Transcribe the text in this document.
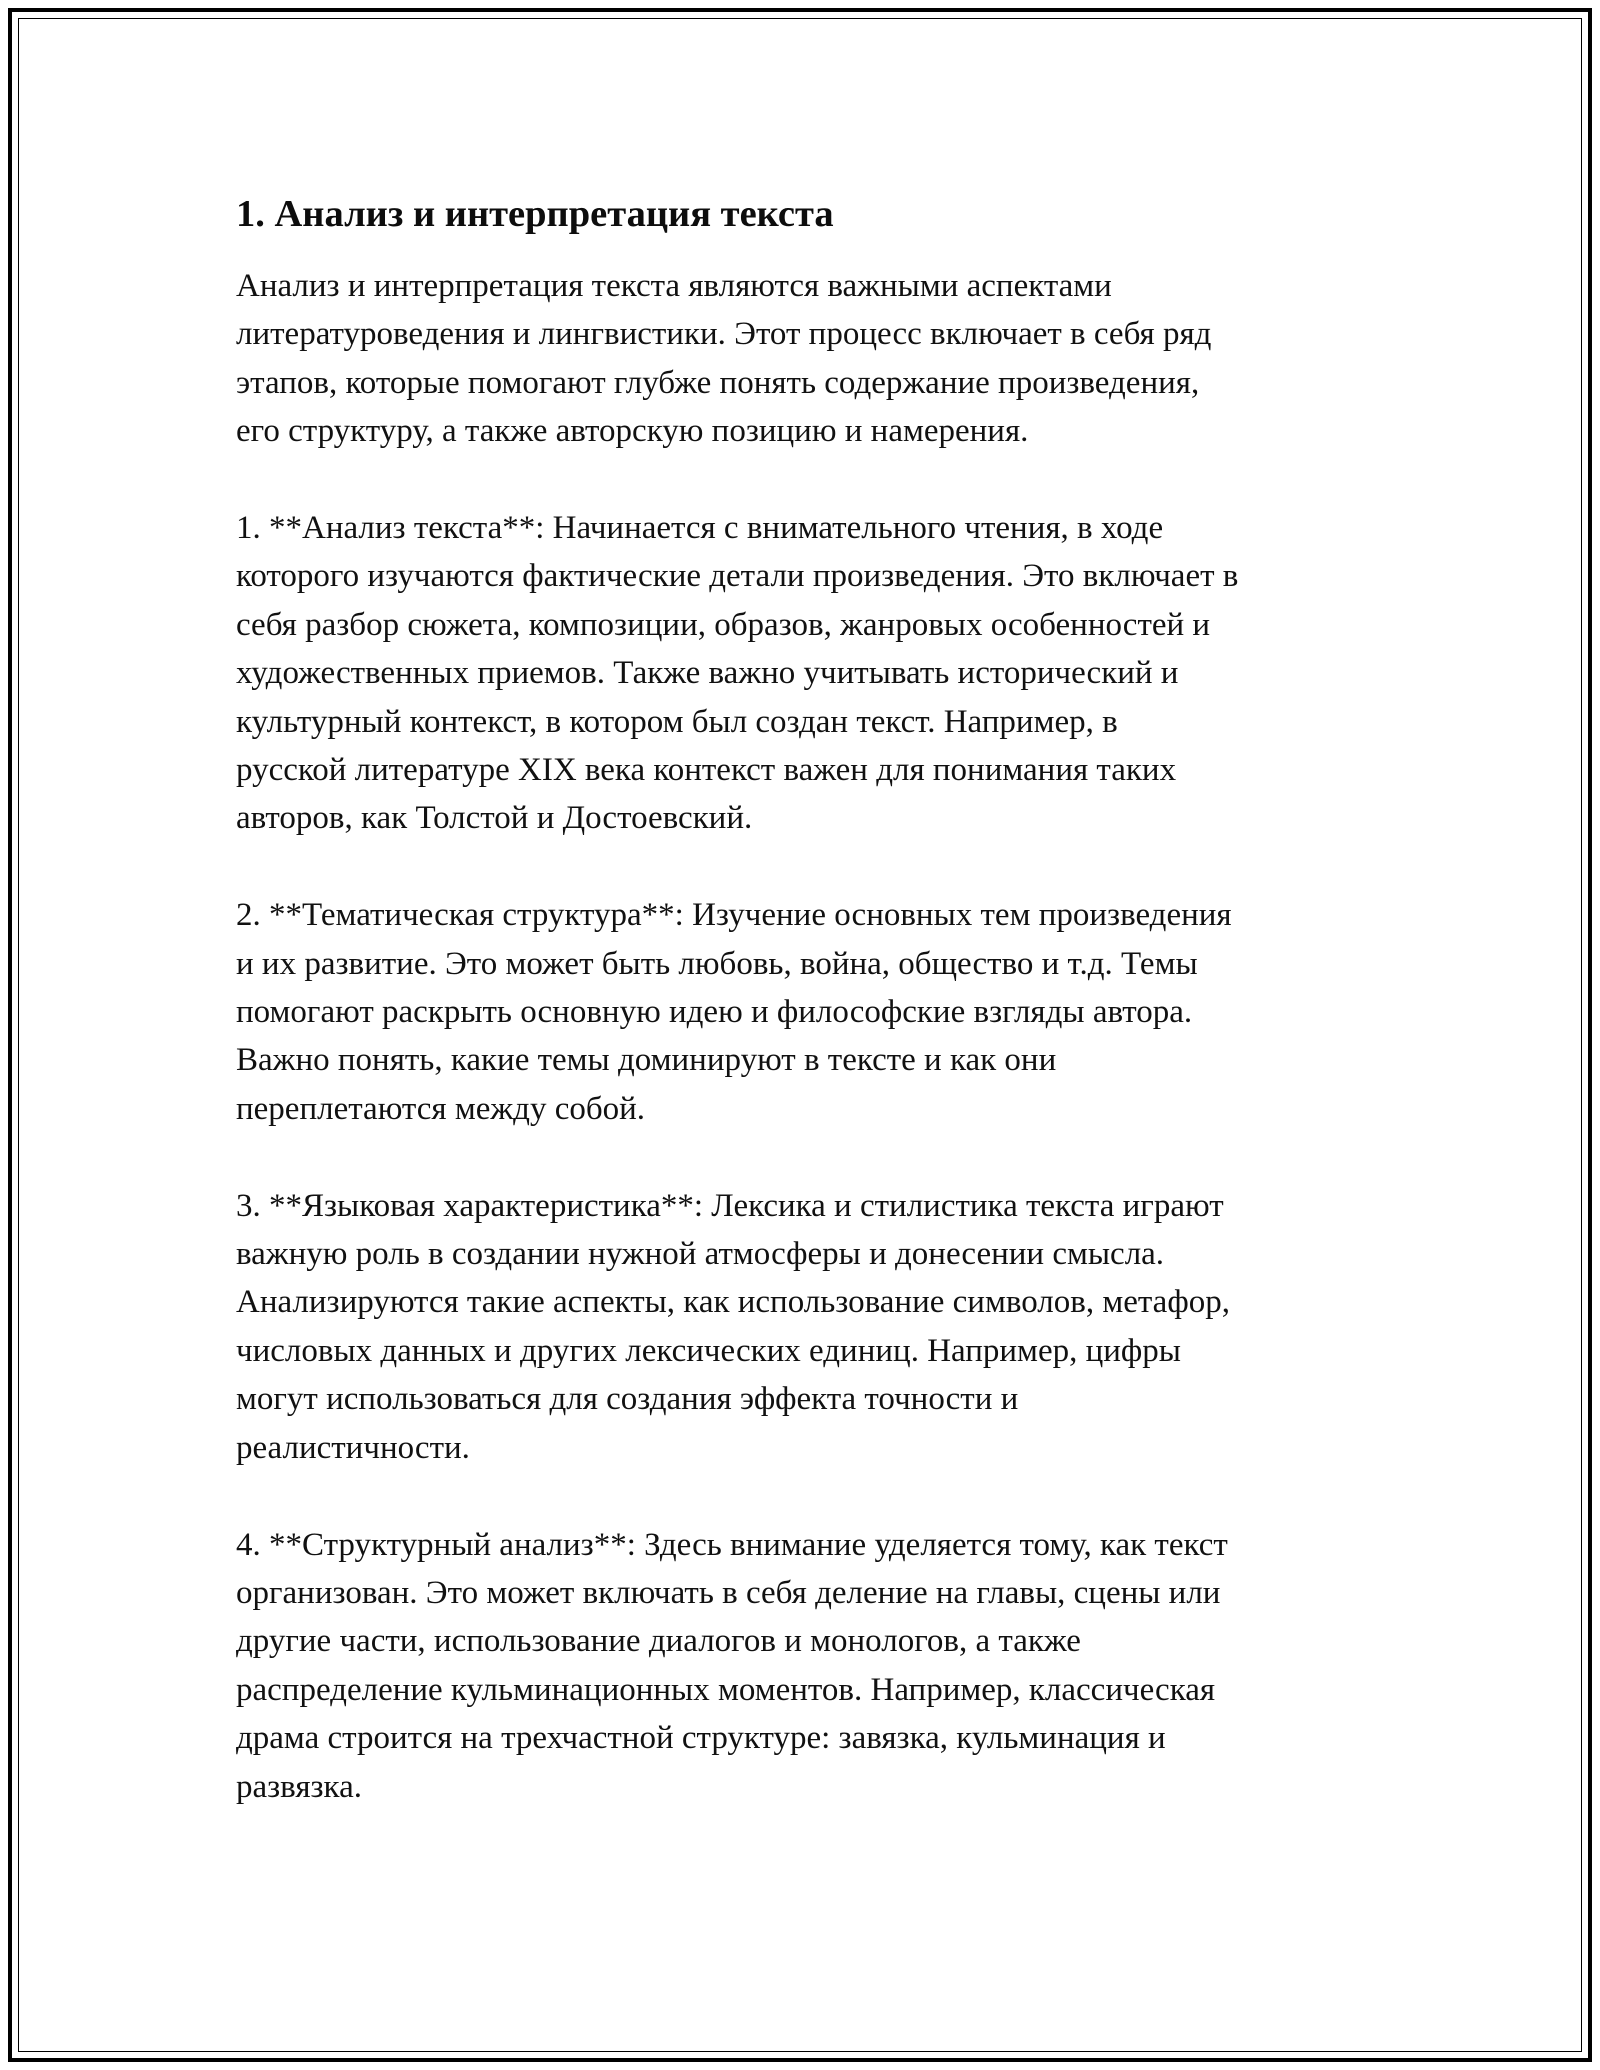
1. Анализ и интерпретация текста

Анализ и интерпретация текста являются важными аспектами
литературоведения и лингвистики. Этот процесс включает в себя ряд
этапов, которые помогают глубже понять содержание произведения,
его структуру, а также авторскую позицию и намерения.

1. **Анализ текста**: Начинается с внимательного чтения, в ходе
которого изучаются фактические детали произведения. Это включает в
себя разбор сюжета, композиции, образов, жанровых особенностей и
художественных приемов. Также важно учитывать исторический и
культурный контекст, в котором был создан текст. Например, в
русской литературе XIX века контекст важен для понимания таких
авторов, как Толстой и Достоевский.

2. **Тематическая структура**: Изучение основных тем произведения
и их развитие. Это может быть любовь, война, общество и т.д. Темы
помогают раскрыть основную идею и философские взгляды автора.
Важно понять, какие темы доминируют в тексте и как они
переплетаются между собой.

3. **Языковая характеристика**: Лексика и стилистика текста играют
важную роль в создании нужной атмосферы и донесении смысла.
Анализируются такие аспекты, как использование символов, метафор,
числовых данных и других лексических единиц. Например, цифры
могут использоваться для создания эффекта точности и
реалистичности.

4. **Структурный анализ**: Здесь внимание уделяется тому, как текст
организован. Это может включать в себя деление на главы, сцены или
другие части, использование диалогов и монологов, а также
распределение кульминационных моментов. Например, классическая
драма строится на трехчастной структуре: завязка, кульминация и
развязка.
